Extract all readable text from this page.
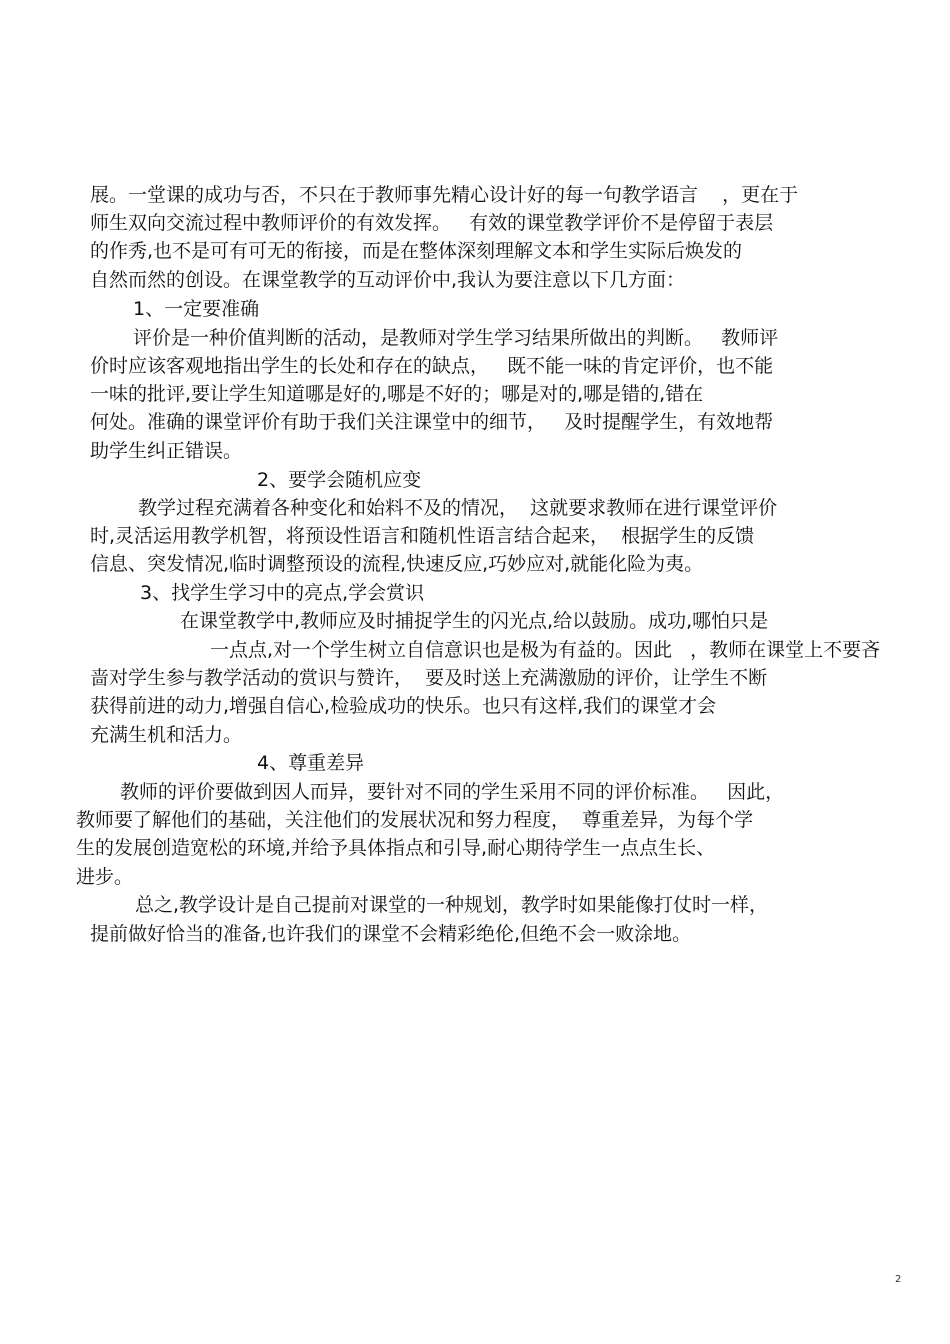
展。一堂课的成功与否，不只在于教师事先精心设计好的每一句教学语言    ，更在于
师生双向交流过程中教师评价的有效发挥。   有效的课堂教学评价不是停留于表层
的作秀,也不是可有可无的衔接，而是在整体深刻理解文本和学生实际后焕发的
自然而然的创设。在课堂教学的互动评价中,我认为要注意以下几方面：
1、一定要准确
评价是一种价值判断的活动，是教师对学生学习结果所做出的判断。   教师评
价时应该客观地指出学生的长处和存在的缺点，   既不能一味的肯定评价，也不能
一味的批评,要让学生知道哪是好的,哪是不好的；哪是对的,哪是错的,错在
何处。准确的课堂评价有助于我们关注课堂中的细节，   及时提醒学生，有效地帮
助学生纠正错误。
2、要学会随机应变
教学过程充满着各种变化和始料不及的情况，  这就要求教师在进行课堂评价
时,灵活运用教学机智，将预设性语言和随机性语言结合起来，  根据学生的反馈
信息、突发情况,临时调整预设的流程,快速反应,巧妙应对,就能化险为夷。
3、找学生学习中的亮点,学会赏识
在课堂教学中,教师应及时捕捉学生的闪光点,给以鼓励。成功,哪怕只是
一点点,对一个学生树立自信意识也是极为有益的。因此   ，教师在课堂上不要吝
啬对学生参与教学活动的赏识与赞许，  要及时送上充满激励的评价，让学生不断
获得前进的动力,增强自信心,检验成功的快乐。也只有这样,我们的课堂才会
充满生机和活力。
4、尊重差异
教师的评价要做到因人而异，要针对不同的学生采用不同的评价标准。   因此，
教师要了解他们的基础，关注他们的发展状况和努力程度，  尊重差异，为每个学
生的发展创造宽松的环境,并给予具体指点和引导,耐心期待学生一点点生长、
进步。
总之,教学设计是自己提前对课堂的一种规划，教学时如果能像打仗时一样，
提前做好恰当的准备,也许我们的课堂不会精彩绝伦,但绝不会一败涂地。
2
